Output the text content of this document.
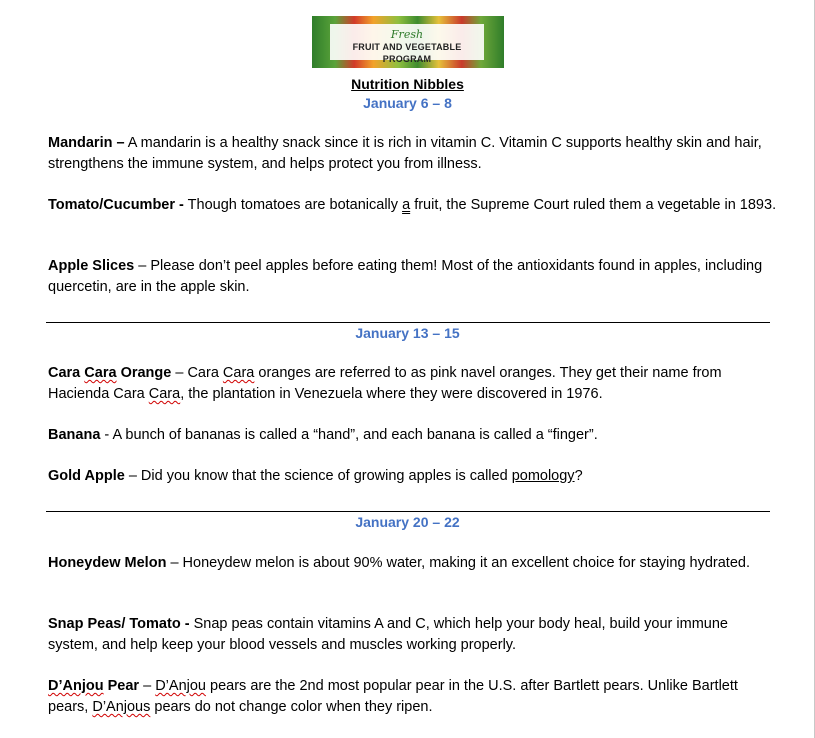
Fresh
FRUIT AND VEGETABLE PROGRAM
Nutrition Nibbles
January 6 – 8
Mandarin – A mandarin is a healthy snack since it is rich in vitamin C. Vitamin C supports healthy skin and hair, strengthens the immune system, and helps protect you from illness.
Tomato/Cucumber - Though tomatoes are botanically a fruit, the Supreme Court ruled them a vegetable in 1893.
Apple Slices – Please don’t peel apples before eating them! Most of the antioxidants found in apples, including quercetin, are in the apple skin.
January 13 – 15
Cara Cara Orange – Cara Cara oranges are referred to as pink navel oranges. They get their name from Hacienda Cara Cara, the plantation in Venezuela where they were discovered in 1976.
Banana - A bunch of bananas is called a “hand”, and each banana is called a “finger”.
Gold Apple – Did you know that the science of growing apples is called pomology?
January 20 – 22
Honeydew Melon – Honeydew melon is about 90% water, making it an excellent choice for staying hydrated.
Snap Peas/ Tomato - Snap peas contain vitamins A and C, which help your body heal, build your immune system, and help keep your blood vessels and muscles working properly.
D’Anjou Pear – D’Anjou pears are the 2nd most popular pear in the U.S. after Bartlett pears. Unlike Bartlett pears, D’Anjous pears do not change color when they ripen.
